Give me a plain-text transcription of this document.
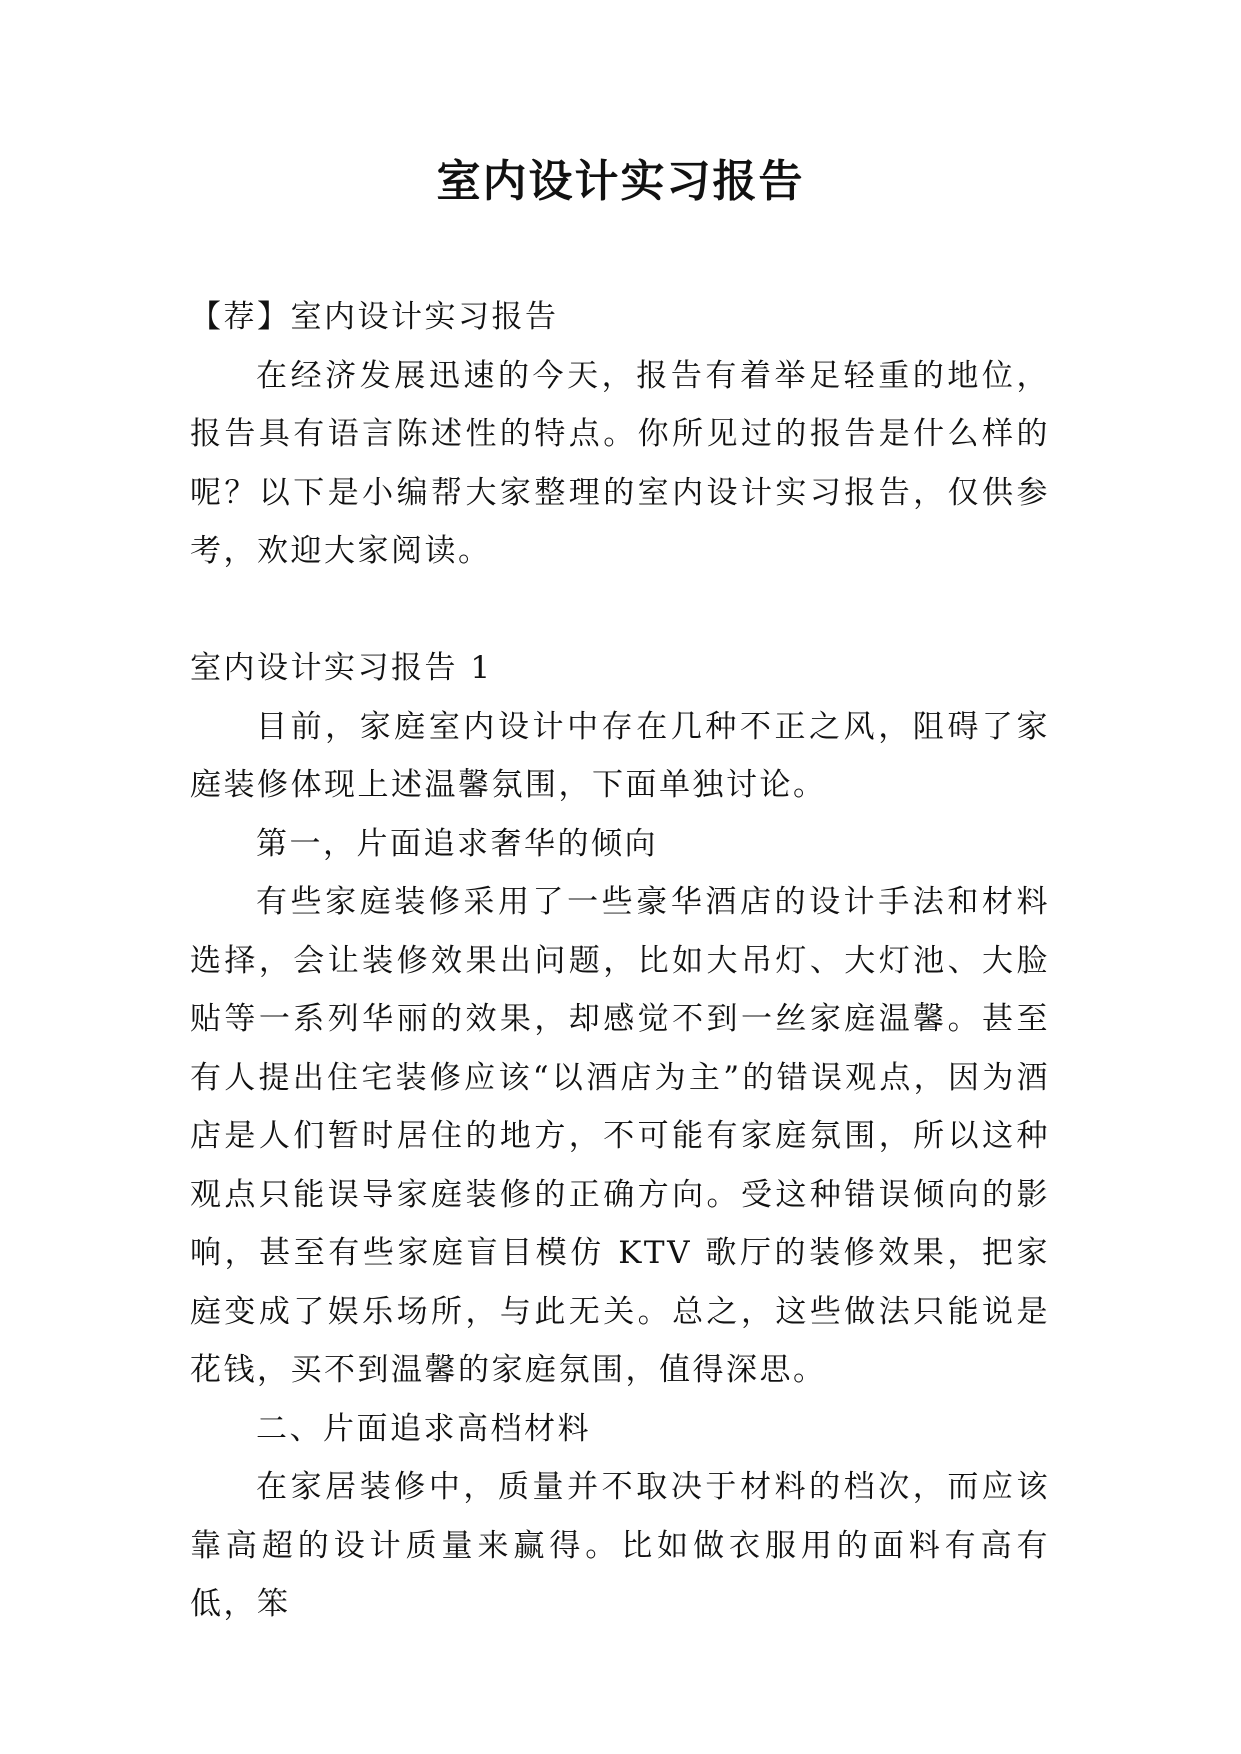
室内设计实习报告

【荐】室内设计实习报告

在经济发展迅速的今天，报告有着举足轻重的地位，报告具有语言陈述性的特点。你所见过的报告是什么样的呢？以下是小编帮大家整理的室内设计实习报告，仅供参考，欢迎大家阅读。

室内设计实习报告 1

目前，家庭室内设计中存在几种不正之风，阻碍了家庭装修体现上述温馨氛围，下面单独讨论。

第一，片面追求奢华的倾向

有些家庭装修采用了一些豪华酒店的设计手法和材料选择，会让装修效果出问题，比如大吊灯、大灯池、大脸贴等一系列华丽的效果，却感觉不到一丝家庭温馨。甚至有人提出住宅装修应该“以酒店为主”的错误观点，因为酒店是人们暂时居住的地方，不可能有家庭氛围，所以这种观点只能误导家庭装修的正确方向。受这种错误倾向的影响，甚至有些家庭盲目模仿 KTV 歌厅的装修效果，把家庭变成了娱乐场所，与此无关。总之，这些做法只能说是花钱，买不到温馨的家庭氛围，值得深思。

二、片面追求高档材料

在家居装修中，质量并不取决于材料的档次，而应该靠高超的设计质量来赢得。比如做衣服用的面料有高有低，笨
